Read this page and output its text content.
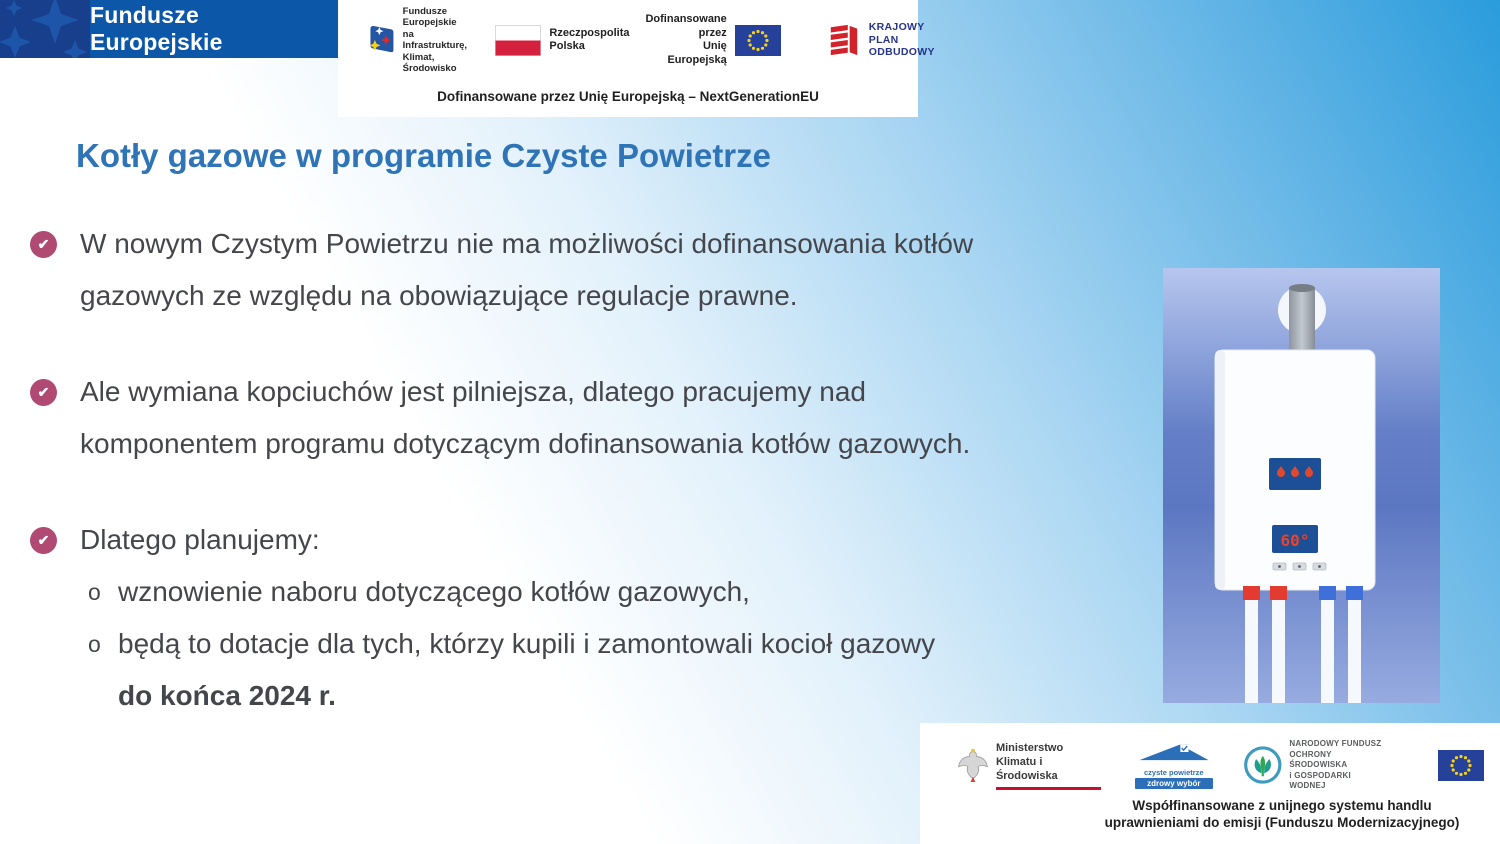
Fundusze Europejskie
Fundusze Europejskie
na Infrastrukturę,
Klimat, Środowisko
Rzeczpospolita
Polska
Dofinansowane przez
Unię Europejską
KRAJOWY
PLAN
ODBUDOWY
Dofinansowane przez Unię Europejską – NextGenerationEU
Kotły gazowe w programie Czyste Powietrze
✔ W nowym Czystym Powietrzu nie ma możliwości dofinansowania kotłów
gazowych ze względu na obowiązujące regulacje prawne.
✔ Ale wymiana kopciuchów jest pilniejsza, dlatego pracujemy nad
komponentem programu dotyczącym dofinansowania kotłów gazowych.
✔ Dlatego planujemy:
o wznowienie naboru dotyczącego kotłów gazowych,
o będą to dotacje dla tych, którzy kupili i zamontowali kocioł gazowy
do końca 2024 r.
60°
Ministerstwo
Klimatu i Środowiska	czyste powietrze
zdrowy wybór
NARODOWY FUNDUSZ
OCHRONY ŚRODOWISKA
i GOSPODARKI WODNEJ
Współfinansowane z unijnego systemu handlu
uprawnieniami do emisji (Funduszu Modernizacyjnego)
